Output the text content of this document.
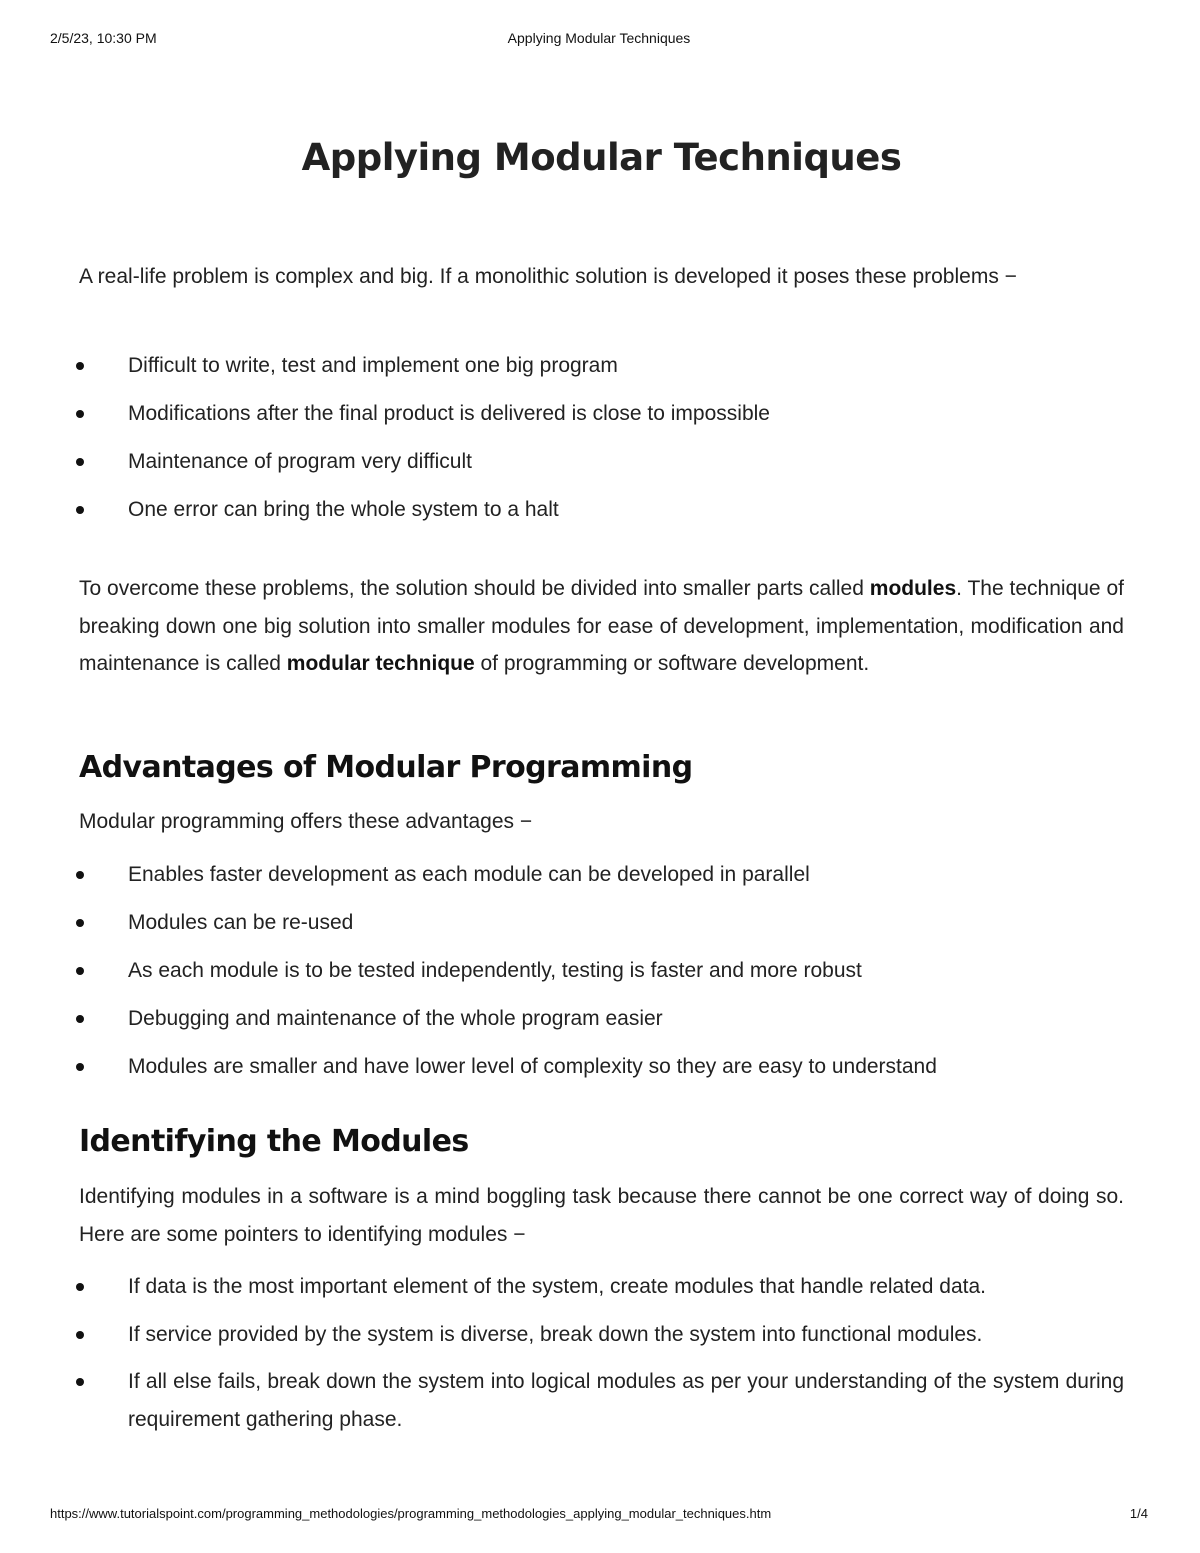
2/5/23, 10:30 PM	Applying Modular Techniques
Applying Modular Techniques

A real-life problem is complex and big. If a monolithic solution is developed it poses these problems −

Difficult to write, test and implement one big program
Modifications after the final product is delivered is close to impossible
Maintenance of program very difficult
One error can bring the whole system to a halt

To overcome these problems, the solution should be divided into smaller parts called modules. The technique of breaking down one big solution into smaller modules for ease of development, implementation, modification and maintenance is called modular technique of programming or software development.

Advantages of Modular Programming

Modular programming offers these advantages −

Enables faster development as each module can be developed in parallel
Modules can be re-used
As each module is to be tested independently, testing is faster and more robust
Debugging and maintenance of the whole program easier
Modules are smaller and have lower level of complexity so they are easy to understand
Identifying the Modules

Identifying modules in a software is a mind boggling task because there cannot be one correct way of doing so. Here are some pointers to identifying modules −

If data is the most important element of the system, create modules that handle related data.
If service provided by the system is diverse, break down the system into functional modules.
If all else fails, break down the system into logical modules as per your understanding of the system during requirement gathering phase.
https://www.tutorialspoint.com/programming_methodologies/programming_methodologies_applying_modular_techniques.htm	1/4
